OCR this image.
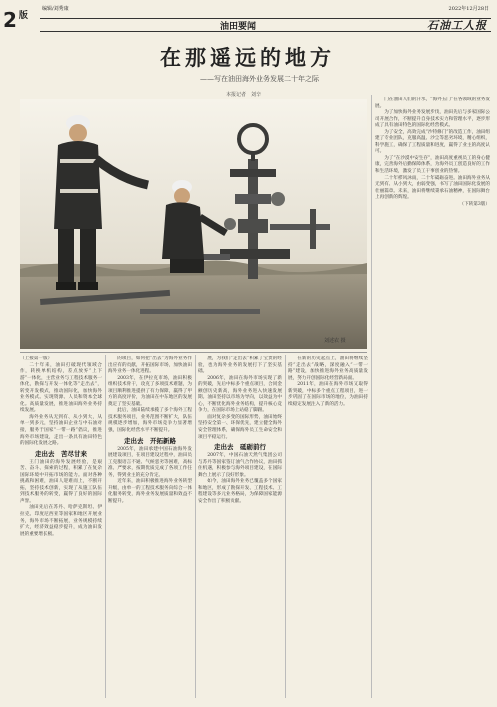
2 $^版$
编辑/刘秀康	2022年12月28日
油田要闻	石油工人报
在那遥远的地方
——写在油田海外业务发展二十年之际
本报记者　刘辛
刘述农 摄

（上接第一版）

二十年来，油田打破现代领域合作，转换单机结构，差点放弃“上下游”一体化，主营业务与工程技术服务一体化，勘探与开发一体化等“走出去”，转变开发模式，推动国际化，加快海外业务模式。实现资源、人员和资本全球化。高质量发展，推进油田海外业务持续发展。

海外业务从无到有、从小到大，从单一到多元，坚持油田企业与中石油对接，服务于国家“一带一路”倡议，推进海外市场建设，走出一条具有油田特色的国际化发展之路。

走出去　苦尽甘来

王门油田的海外发展经验，是艰苦、奋斗、探索的过程，积累了在复杂国际环境中开拓市场的能力。面对各种挑战和困难，油田人迎难而上，不断开拓，坚持技术创新，实现了从施工队伍到技术服务的转变，赢得了良好的国际声誉。

油田先后在苏丹、哈萨克斯坦、伊拉克、印度尼西亚等国家和地区开展业务，海外市场不断拓展，业务规模持续扩大，经济效益稳步提升，成为油田发展的重要增长极。

的项目，如何把“出去”为海外业务作出应有的贡献，开拓国际市场，加快油田海外业务一体化进程。

2003年，在伊拉克市场，油田积极组织技术骨干，攻克了多项技术难题，为项目顺利推进提供了有力保障，赢得了甲方的高度评价，为油田在中东地区的发展奠定了坚实基础。

此后，油田陆续承揽了多个海外工程技术服务项目，业务范围不断扩大，队伍规模逐步增加，海外市场竞争力显著增强，国际化经营水平不断提升。

走出去　开拓新路

2005年，油田承建中国石油海外发展建设项目，在项目建设过程中，油田员工克服语言不通、气候恶劣等困难，高标准、严要求，按期优质完成了各项工作任务，得到业主的充分肯定。

近年来，油田积极推进海外业务转型升级，由单一的工程技术服务向综合一体化服务转变，海外业务发展质量和效益不断提升。

展，为我们“走出去”积累了宝贵的经验，也为海外业务的发展打下了坚实基础。

2006年，油田在海外市场实现了新的突破，先后中标多个重点项目，合同金额创历史新高，海外业务进入快速发展期。油田坚持以市场为导向，以效益为中心，不断优化海外业务结构，提升核心竞争力，在国际市场上站稳了脚跟。

面对复杂多变的国际形势，油田始终坚持安全第一、环保优先，建立健全海外安全管理体系，确保海外员工生命安全和项目平稳运行。

走出去　砥砺前行

2007年，中国石油天然气集团公司与苏丹等国家签订油气合作协议，油田抓住机遇，积极参与海外项目建设，在国际舞台上展示了良好形象。

如今，油田海外业务已覆盖多个国家和地区，形成了勘探开发、工程技术、工程建设等多元业务格局，为保障国家能源安全作出了积极贡献。

在新的历史起点上，油田将继续坚持“走出去”战略，深度融入“一带一路”建设，加快推进海外业务高质量发展，努力开创国际化经营新局面。

2011年，油田在海外市场又取得新突破，中标多个重点工程项目，进一步巩固了在国际市场的地位，为油田持续稳定发展注入了新的活力。

门在油田人们的汗水，“海外五门”在各领域的业务发展。

为了加快海外业务发展步伐，油田先后与多家国际公司开展合作，不断提升自身技术实力和管理水平，逐步形成了具有油田特色的国际化经营模式。

为了安全，高效完成“沙特修门”的改造工作，油田组建了专业团队，克服高温、沙尘等恶劣环境，精心组织，科学施工，确保了工程质量和进度，赢得了业主的高度认可。

为了“在沙漠中安生存”，油田高度重视员工的身心健康，完善海外后勤保障体系，为海外员工创造良好的工作和生活环境，激发了员工干事创业的热情。

二十年栉风沐雨，二十年砥砺奋进。油田海外业务从无到有、从小到大，由弱变强，书写了油田国际化发展的壮丽篇章。未来，油田将继续秉承石油精神，在国际舞台上再创新的辉煌。

（下转第3版）
